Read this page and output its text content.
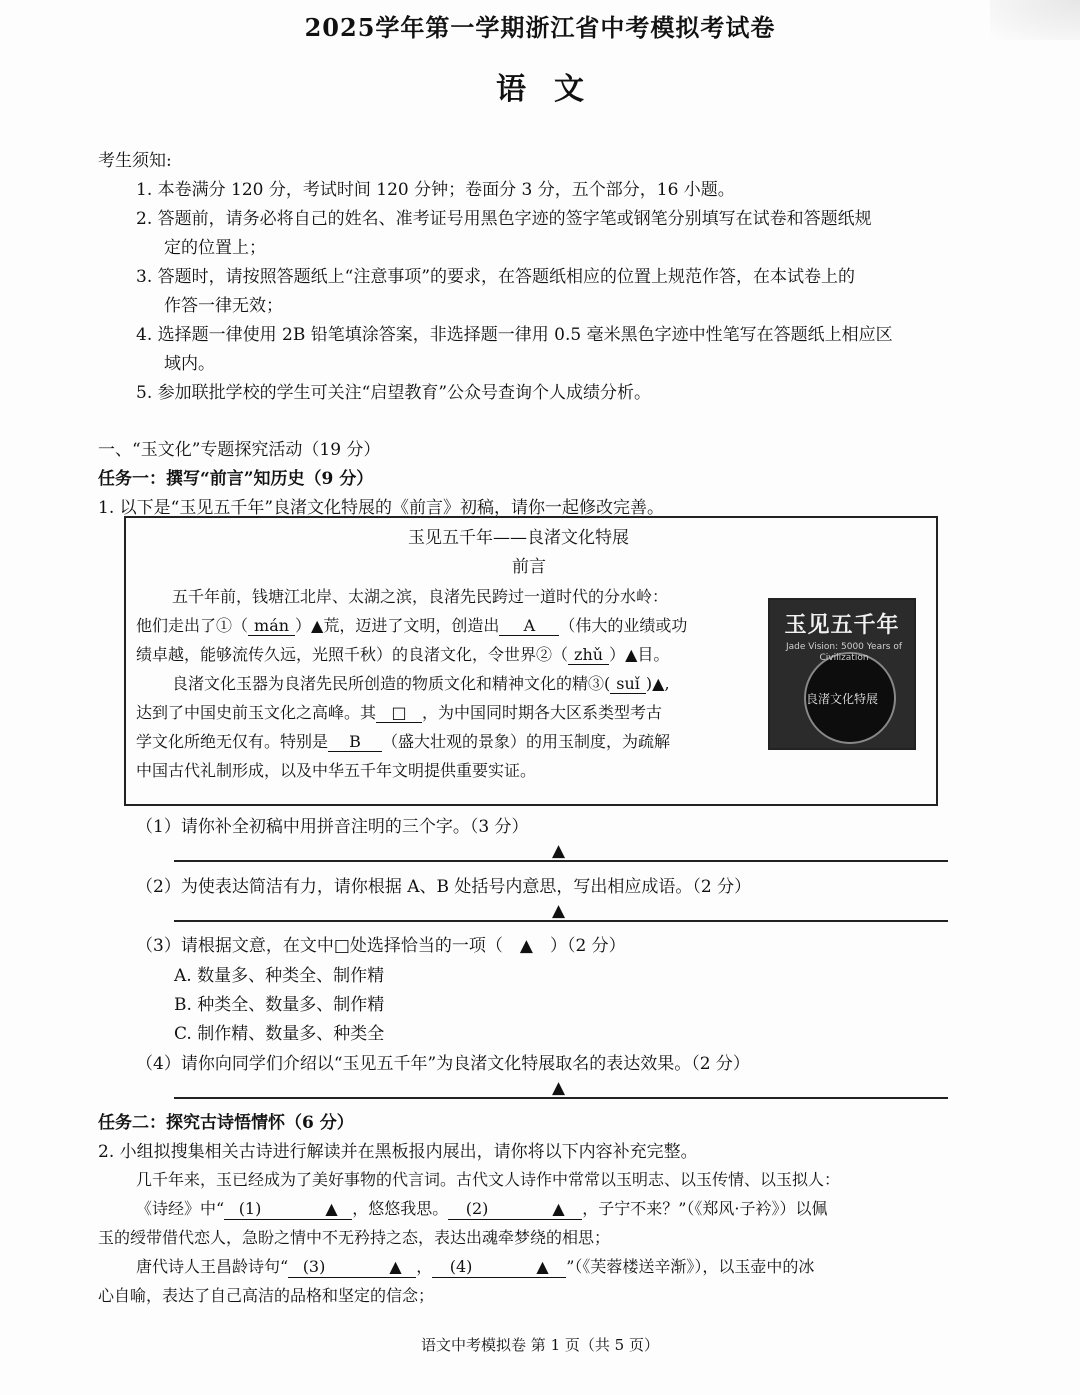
2025学年第一学期浙江省中考模拟考试卷
语文
考生须知:
1. 本卷满分 120 分，考试时间 120 分钟；卷面分 3 分，五个部分，16 小题。
2. 答题前，请务必将自己的姓名、准考证号用黑色字迹的签字笔或钢笔分别填写在试卷和答题纸规
定的位置上；
3. 答题时，请按照答题纸上“注意事项”的要求，在答题纸相应的位置上规范作答，在本试卷上的
作答一律无效；
4. 选择题一律使用 2B 铅笔填涂答案，非选择题一律用 0.5 毫米黑色字迹中性笔写在答题纸上相应区
域内。
5. 参加联批学校的学生可关注“启望教育”公众号查询个人成绩分析。
一、“玉文化”专题探究活动（19 分）
任务一：撰写“前言”知历史（9 分）
1. 以下是“玉见五千年”良渚文化特展的《前言》初稿，请你一起修改完善。
玉见五千年——良渚文化特展
前言
五千年前，钱塘江北岸、太湖之滨，良渚先民跨过一道时代的分水岭：
他们走出了①（ mán ）▲荒，迈进了文明，创造出 A （伟大的业绩或功
绩卓越，能够流传久远，光照千秋）的良渚文化，令世界②（ zhǔ ）▲目。
良渚文化玉器为良渚先民所创造的物质文化和精神文化的精③( suǐ )▲,
达到了中国史前玉文化之高峰。其 □ ，为中国同时期各大区系类型考古
学文化所绝无仅有。特别是 B （盛大壮观的景象）的用玉制度，为疏解
中国古代礼制形成，以及中华五千年文明提供重要实证。
玉见五千年
Jade Vision: 5000 Years of Civilization
良渚文化特展
（1）请你补全初稿中用拼音注明的三个字。（3 分）
▲
（2）为使表达简洁有力，请你根据 A、B 处括号内意思，写出相应成语。（2 分）
▲
（3）请根据文意，在文中□处选择恰当的一项（　▲　）（2 分）
A. 数量多、种类全、制作精
B. 种类全、数量多、制作精
C. 制作精、数量多、种类全
（4）请你向同学们介绍以“玉见五千年”为良渚文化特展取名的表达效果。（2 分）
▲
任务二：探究古诗悟情怀（6 分）
2. 小组拟搜集相关古诗进行解读并在黑板报内展出，请你将以下内容补充完整。
几千年来，玉已经成为了美好事物的代言词。古代文人诗作中常常以玉明志、以玉传情、以玉拟人：
《诗经》中“ (1)　　　　▲ ，悠悠我思。 (2)　　　　▲ ，子宁不来？”（《郑风·子衿》）以佩
玉的绶带借代恋人，急盼之情中不无矜持之态，表达出魂牵梦绕的相思；
唐代诗人王昌龄诗句“ (3)　　　　▲ ， (4)　　　　▲ ”（《芙蓉楼送辛渐》），以玉壶中的冰
心自喻，表达了自己高洁的品格和坚定的信念；
语文中考模拟卷 第 1 页（共 5 页）
